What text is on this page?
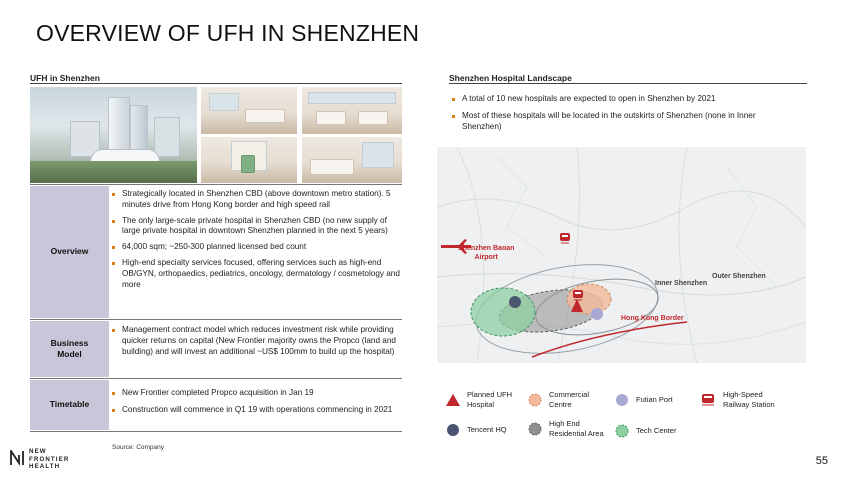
OVERVIEW OF UFH IN SHENZHEN
UFH in Shenzhen
Overview
Strategically located in Shenzhen CBD (above downtown metro station). 5 minutes drive from Hong Kong border and high speed rail
The only large-scale private hospital in Shenzhen CBD (no new supply of large private hospital in downtown Shenzhen planned in the next 5 years)
64,000 sqm; ~250-300 planned licensed bed count
High-end specialty services focused, offering services such as high-end OB/GYN, orthopaedics, pediatrics, oncology, dermatology / cosmetology and more
Business
Model
Management contract model which reduces investment risk while providing quicker returns on capital (New Frontier majority owns the Propco (land and building) and will invest an additional ~US$ 100mm to build up the hospital)
Timetable
New Frontier completed Propco acquisition in Jan 19
Construction will commence in Q1 19 with operations commencing in 2021
Source: Company
Shenzhen Hospital Landscape
A total of 10 new hospitals are expected to open in Shenzhen by 2021
Most of these hospitals will be located in the outskirts of Shenzhen (none in Inner Shenzhen)
Shenzhen Baoan
Airport
Outer Shenzhen
Inner Shenzhen
Hong Kong Border
Planned UFH
Hospital
Commercial
Centre	Futian Port
High-Speed
Railway Station
Tencent HQ
High End
Residential Area	Tech Center
NEW
FRONTIER
HEALTH	55
